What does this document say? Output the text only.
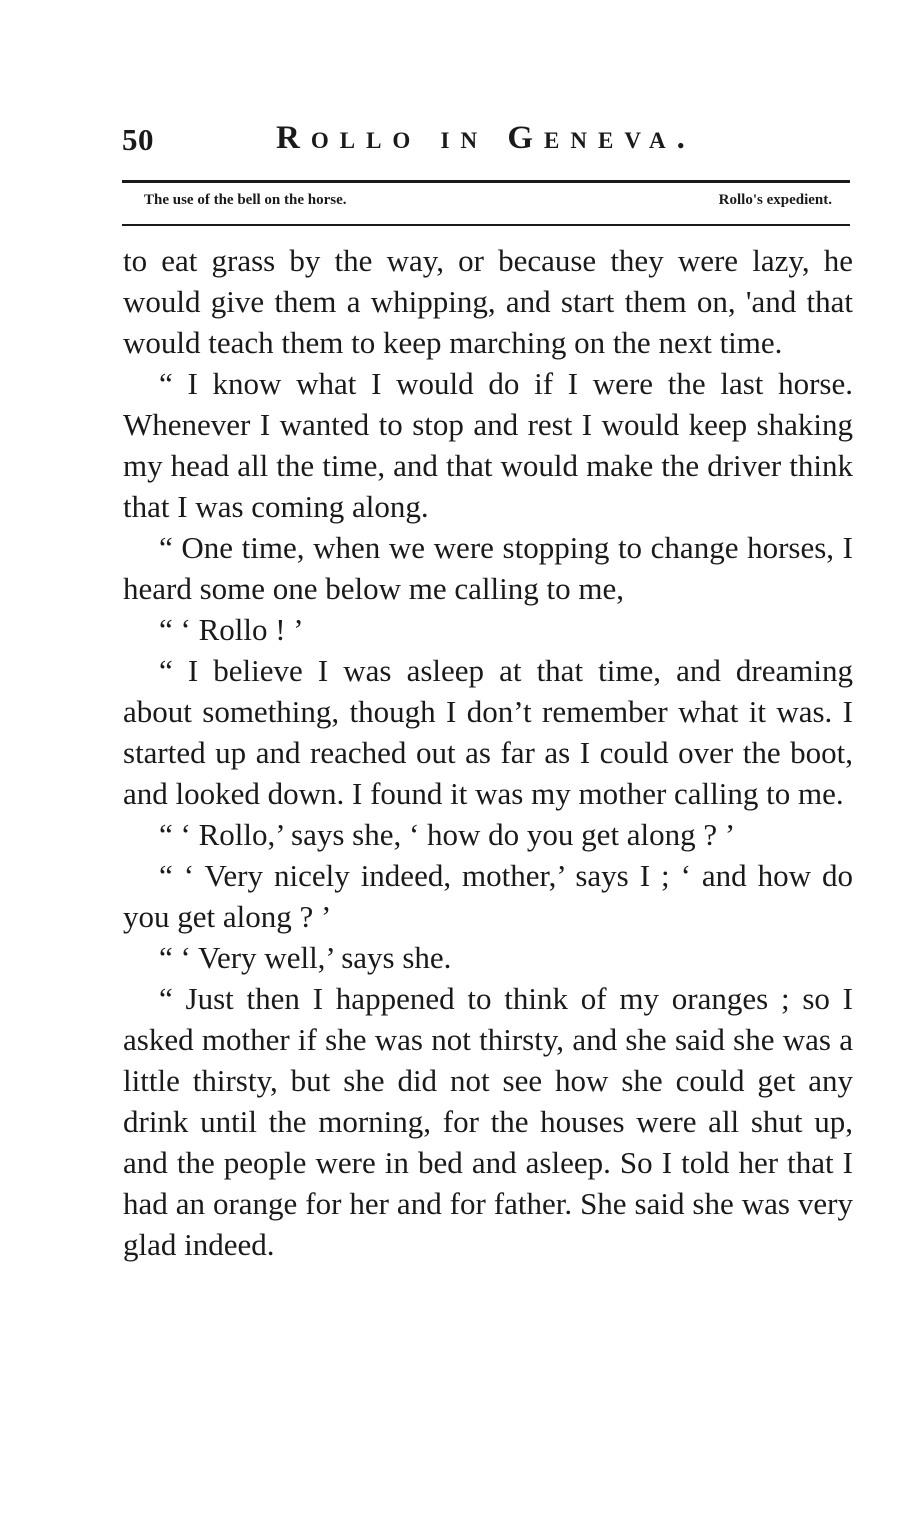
50	Rollo in Geneva.
The use of the bell on the horse.	Rollo's expedient.

to eat grass by the way, or because they were lazy, he would give them a whipping, and start them on, 'and that would teach them to keep marching on the next time.

“ I know what I would do if I were the last horse. Whenever I wanted to stop and rest I would keep shaking my head all the time, and that would make the driver think that I was coming along.

“ One time, when we were stopping to change horses, I heard some one below me calling to me,

“ ‘ Rollo ! ’

“ I believe I was asleep at that time, and dreaming about something, though I don’t remember what it was. I started up and reached out as far as I could over the boot, and looked down. I found it was my mother calling to me.

“ ‘ Rollo,’ says she, ‘ how do you get along ? ’

“ ‘ Very nicely indeed, mother,’ says I ; ‘ and how do you get along ? ’

“ ‘ Very well,’ says she.

“ Just then I happened to think of my oranges ; so I asked mother if she was not thirsty, and she said she was a little thirsty, but she did not see how she could get any drink until the morning, for the houses were all shut up, and the people were in bed and asleep. So I told her that I had an orange for her and for father. She said she was very glad indeed.
